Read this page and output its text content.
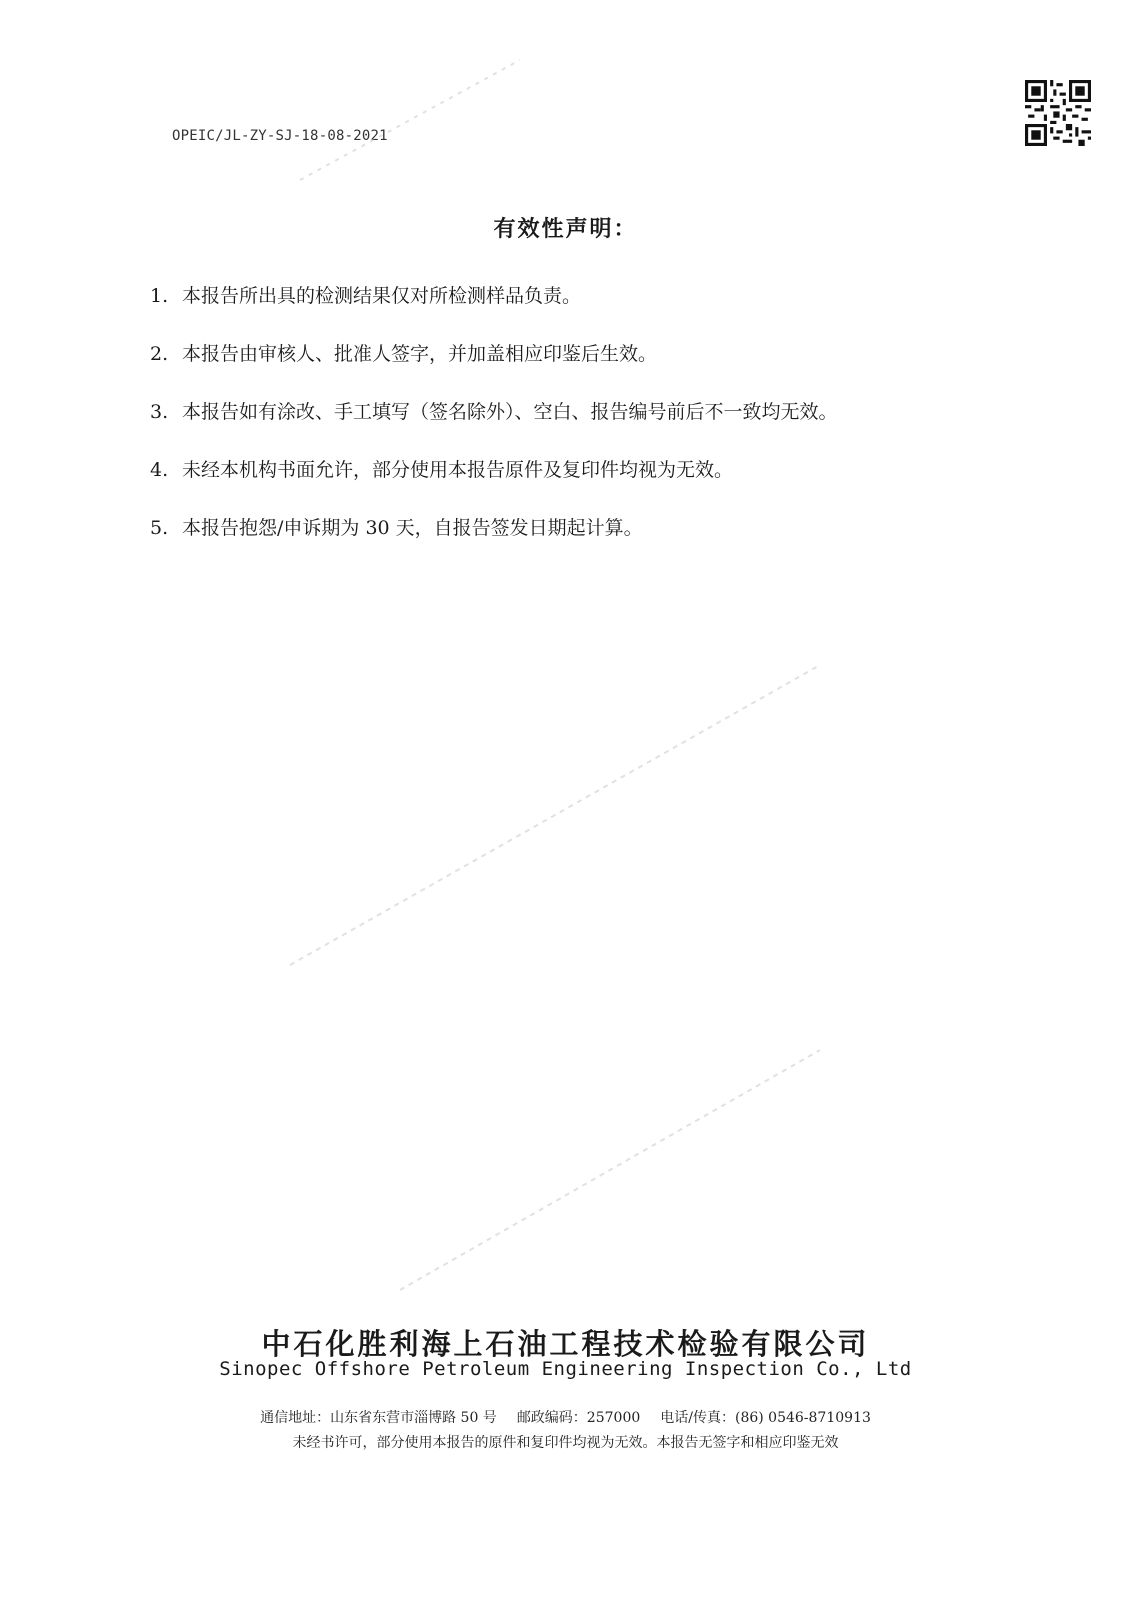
OPEIC/JL-ZY-SJ-18-08-2021
有效性声明：
1. 本报告所出具的检测结果仅对所检测样品负责。
2. 本报告由审核人、批准人签字，并加盖相应印鉴后生效。
3. 本报告如有涂改、手工填写（签名除外）、空白、报告编号前后不一致均无效。
4. 未经本机构书面允许，部分使用本报告原件及复印件均视为无效。
5. 本报告抱怨/申诉期为 30 天，自报告签发日期起计算。
中石化胜利海上石油工程技术检验有限公司
Sinopec Offshore Petroleum Engineering Inspection Co., Ltd
通信地址：山东省东营市淄博路 50 号 邮政编码：257000 电话/传真：(86) 0546-8710913
未经书许可，部分使用本报告的原件和复印件均视为无效。本报告无签字和相应印鉴无效
